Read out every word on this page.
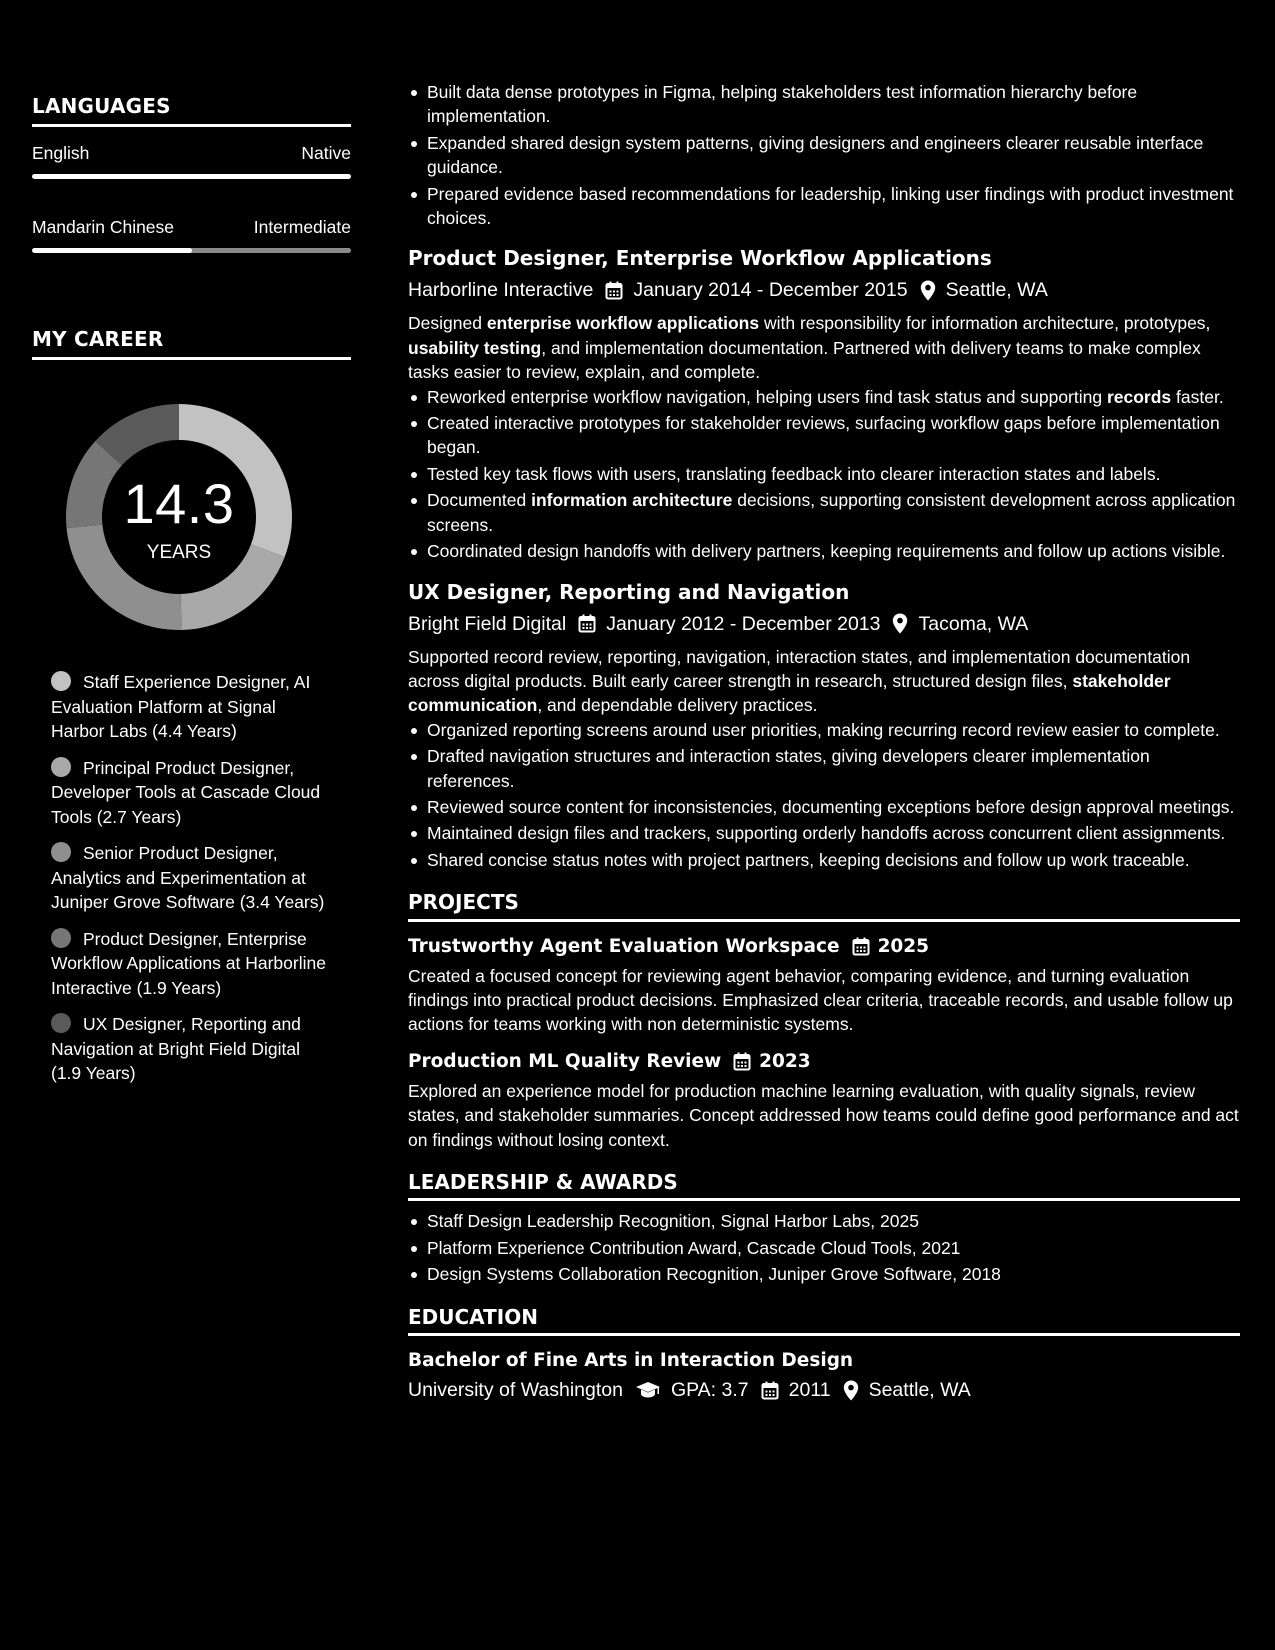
LANGUAGES
English	Native
Mandarin Chinese	Intermediate
MY CAREER
14.3
YEARS
Staff Experience Designer, AI Evaluation Platform at Signal Harbor Labs (4.4 Years)
Principal Product Designer, Developer Tools at Cascade Cloud Tools (2.7 Years)
Senior Product Designer, Analytics and Experimentation at Juniper Grove Software (3.4 Years)
Product Designer, Enterprise Workflow Applications at Harborline Interactive (1.9 Years)
UX Designer, Reporting and Navigation at Bright Field Digital (1.9 Years)
Built data dense prototypes in Figma, helping stakeholders test information hierarchy before implementation.
Expanded shared design system patterns, giving designers and engineers clearer reusable interface guidance.
Prepared evidence based recommendations for leadership, linking user findings with product investment choices.
Product Designer, Enterprise Workflow Applications
Harborline Interactive January 2014 - December 2015 Seattle, WA

Designed enterprise workflow applications with responsibility for information architecture, prototypes, usability testing, and implementation documentation. Partnered with delivery teams to make complex tasks easier to review, explain, and complete.

Reworked enterprise workflow navigation, helping users find task status and supporting records faster.
Created interactive prototypes for stakeholder reviews, surfacing workflow gaps before implementation began.
Tested key task flows with users, translating feedback into clearer interaction states and labels.
Documented information architecture decisions, supporting consistent development across application screens.
Coordinated design handoffs with delivery partners, keeping requirements and follow up actions visible.
UX Designer, Reporting and Navigation
Bright Field Digital January 2012 - December 2013 Tacoma, WA

Supported record review, reporting, navigation, interaction states, and implementation documentation across digital products. Built early career strength in research, structured design files, stakeholder communication, and dependable delivery practices.

Organized reporting screens around user priorities, making recurring record review easier to complete.
Drafted navigation structures and interaction states, giving developers clearer implementation references.
Reviewed source content for inconsistencies, documenting exceptions before design approval meetings.
Maintained design files and trackers, supporting orderly handoffs across concurrent client assignments.
Shared concise status notes with project partners, keeping decisions and follow up work traceable.
PROJECTS
Trustworthy Agent Evaluation Workspace 2025

Created a focused concept for reviewing agent behavior, comparing evidence, and turning evaluation findings into practical product decisions. Emphasized clear criteria, traceable records, and usable follow up actions for teams working with non deterministic systems.

Production ML Quality Review 2023

Explored an experience model for production machine learning evaluation, with quality signals, review states, and stakeholder summaries. Concept addressed how teams could define good performance and act on findings without losing context.

LEADERSHIP & AWARDS
Staff Design Leadership Recognition, Signal Harbor Labs, 2025
Platform Experience Contribution Award, Cascade Cloud Tools, 2021
Design Systems Collaboration Recognition, Juniper Grove Software, 2018
EDUCATION
Bachelor of Fine Arts in Interaction Design
University of Washington GPA: 3.7 2011 Seattle, WA
